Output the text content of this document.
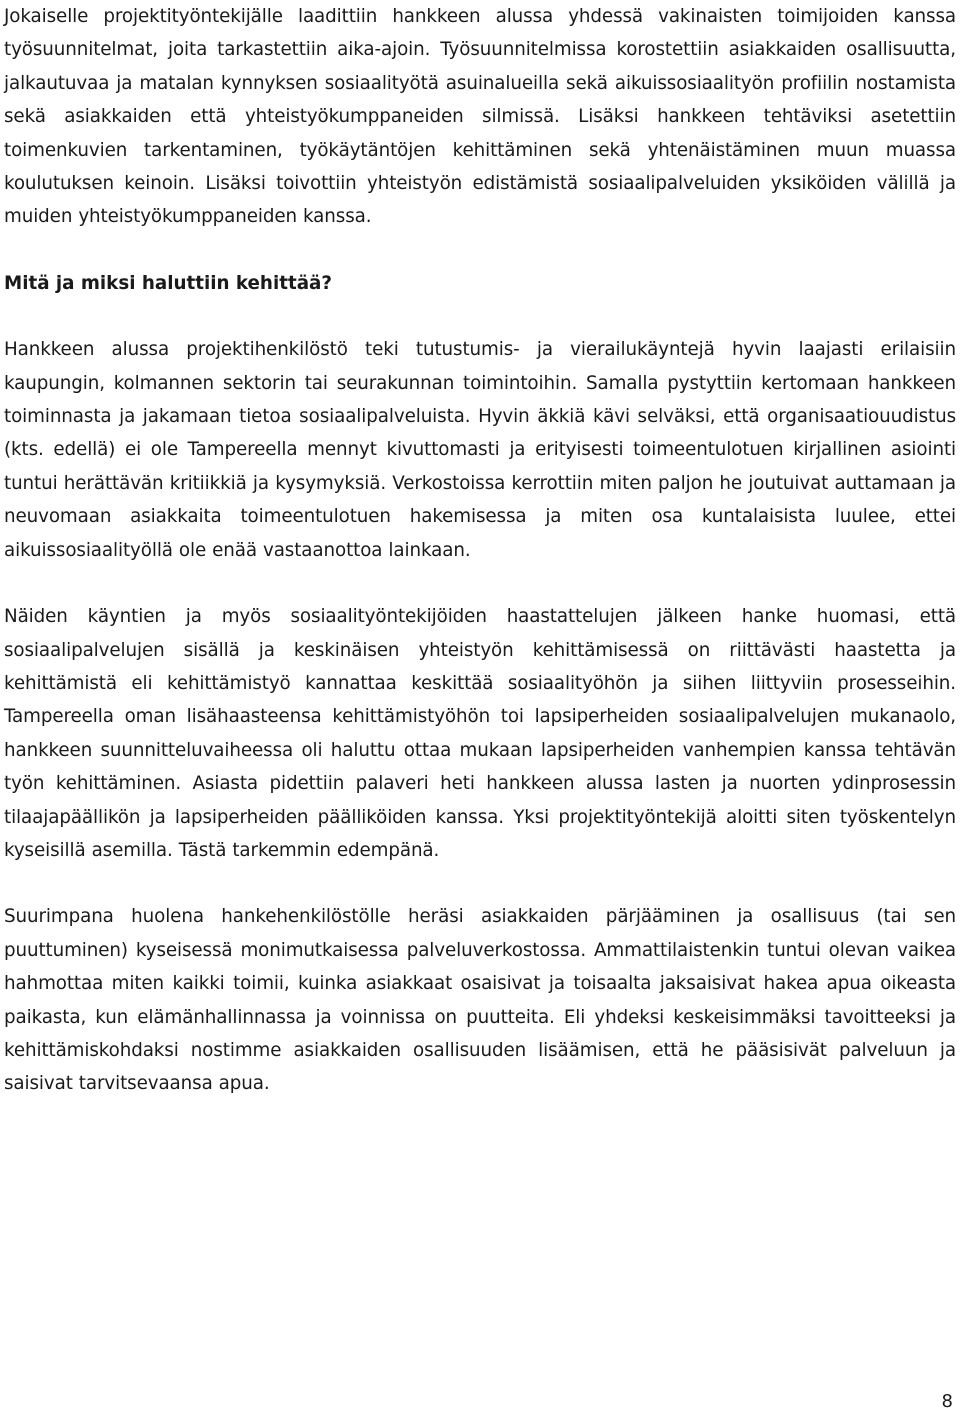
Jokaiselle projektityöntekijälle laadittiin hankkeen alussa yhdessä vakinaisten toimijoiden kanssa työsuunnitelmat, joita tarkastettiin aika-ajoin. Työsuunnitelmissa korostettiin asiakkaiden osallisuutta, jalkautuvaa ja matalan kynnyksen sosiaalityötä asuinalueilla sekä aikuissosiaalityön profiilin nostamista sekä asiakkaiden että yhteistyökumppaneiden silmissä. Lisäksi hankkeen tehtäviksi asetettiin toimenkuvien tarkentaminen, työkäytäntöjen kehittäminen sekä yhtenäistäminen muun muassa koulutuksen keinoin. Lisäksi toivottiin yhteistyön edistämistä sosiaalipalveluiden yksiköiden välillä ja muiden yhteistyökumppaneiden kanssa.

Mitä ja miksi haluttiin kehittää?

Hankkeen alussa projektihenkilöstö teki tutustumis- ja vierailukäyntejä hyvin laajasti erilaisiin kaupungin, kolmannen sektorin tai seurakunnan toimintoihin. Samalla pystyttiin kertomaan hankkeen toiminnasta ja jakamaan tietoa sosiaalipalveluista. Hyvin äkkiä kävi selväksi, että organisaatiouudistus (kts. edellä) ei ole Tampereella mennyt kivuttomasti ja erityisesti toimeentulotuen kirjallinen asiointi tuntui herättävän kritiikkiä ja kysymyksiä. Verkostoissa kerrottiin miten paljon he joutuivat auttamaan ja neuvomaan asiakkaita toimeentulotuen hakemisessa ja miten osa kuntalaisista luulee, ettei aikuissosiaalityöllä ole enää vastaanottoa lainkaan.

Näiden käyntien ja myös sosiaalityöntekijöiden haastattelujen jälkeen hanke huomasi, että sosiaalipalvelujen sisällä ja keskinäisen yhteistyön kehittämisessä on riittävästi haastetta ja kehittämistä eli kehittämistyö kannattaa keskittää sosiaalityöhön ja siihen liittyviin prosesseihin. Tampereella oman lisähaasteensa kehittämistyöhön toi lapsiperheiden sosiaalipalvelujen mukanaolo, hankkeen suunnitteluvaiheessa oli haluttu ottaa mukaan lapsiperheiden vanhempien kanssa tehtävän työn kehittäminen. Asiasta pidettiin palaveri heti hankkeen alussa lasten ja nuorten ydinprosessin tilaajapäällikön ja lapsiperheiden päälliköiden kanssa. Yksi projektityöntekijä aloitti siten työskentelyn kyseisillä asemilla. Tästä tarkemmin edempänä.

Suurimpana huolena hankehenkilöstölle heräsi asiakkaiden pärjääminen ja osallisuus (tai sen puuttuminen) kyseisessä monimutkaisessa palveluverkostossa. Ammattilaistenkin tuntui olevan vaikea hahmottaa miten kaikki toimii, kuinka asiakkaat osaisivat ja toisaalta jaksaisivat hakea apua oikeasta paikasta, kun elämänhallinnassa ja voinnissa on puutteita. Eli yhdeksi keskeisimmäksi tavoitteeksi ja kehittämiskohdaksi nostimme asiakkaiden osallisuuden lisäämisen, että he pääsisivät palveluun ja saisivat tarvitsevaansa apua.

8
